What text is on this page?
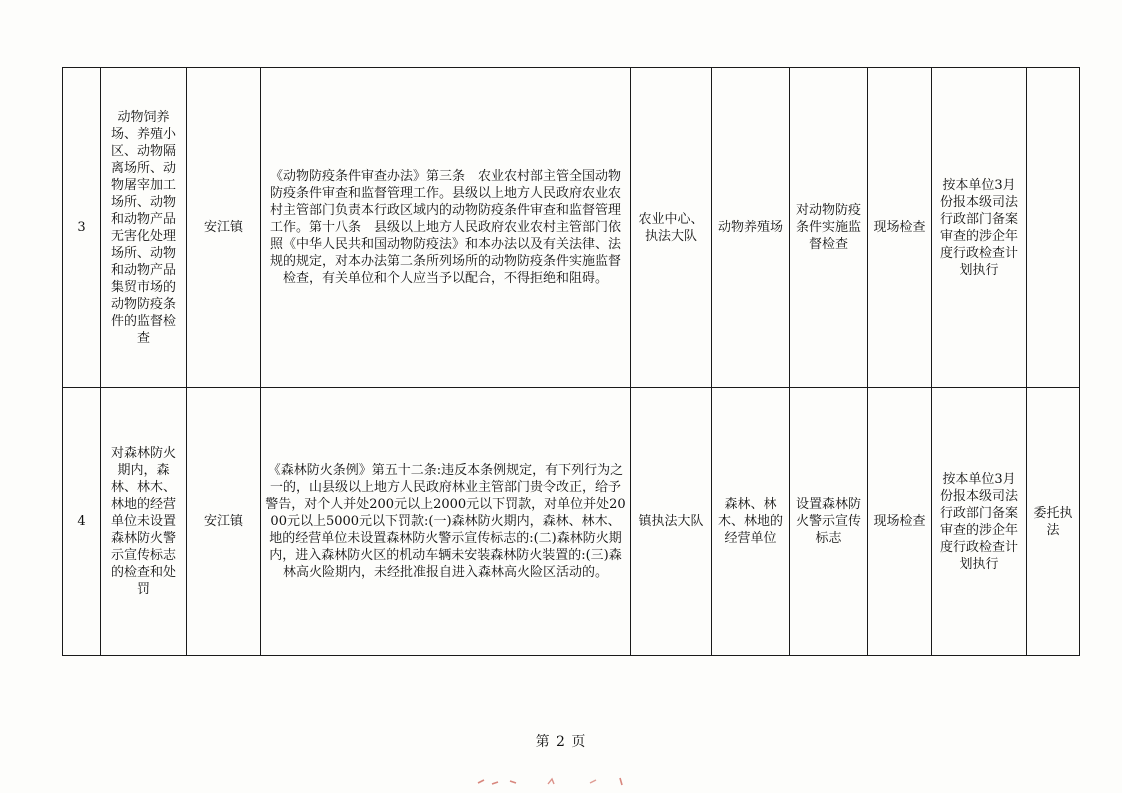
3	动物饲养场、养殖小区、动物隔离场所、动物屠宰加工场所、动物和动物产品无害化处理场所、动物和动物产品集贸市场的动物防疫条件的监督检查	安江镇	《动物防疫条件审查办法》第三条　农业农村部主管全国动物防疫条件审查和监督管理工作。县级以上地方人民政府农业农村主管部门负责本行政区域内的动物防疫条件审查和监督管理工作。第十八条　县级以上地方人民政府农业农村主管部门依照《中华人民共和国动物防疫法》和本办法以及有关法律、法规的规定，对本办法第二条所列场所的动物防疫条件实施监督检查，有关单位和个人应当予以配合，不得拒绝和阻碍。	农业中心、执法大队	动物养殖场	对动物防疫条件实施监督检查	现场检查	按本单位3月份报本级司法行政部门备案审查的涉企年度行政检查计划执行	
4	对森林防火期内，森林、林木、林地的经营单位未设置森林防火警示宣传标志的检查和处罚	安江镇	《森林防火条例》第五十二条:违反本条例规定，有下列行为之一的，山县级以上地方人民政府林业主管部门贵令改正，给予警告，对个人并处200元以上2000元以下罚款，对单位并处2000元以上5000元以下罚款:(一)森林防火期内，森林、林木、地的经营单位未设置森林防火警示宣传标志的:(二)森林防火期内，进入森林防火区的机动车辆未安装森林防火装置的:(三)森林高火险期内，未经批准报自进入森林高火险区活动的。	镇执法大队	森林、林木、林地的经营单位	设置森林防火警示宣传标志	现场检查	按本单位3月份报本级司法行政部门备案审查的涉企年度行政检查计划执行	委托执法
第 2 页
